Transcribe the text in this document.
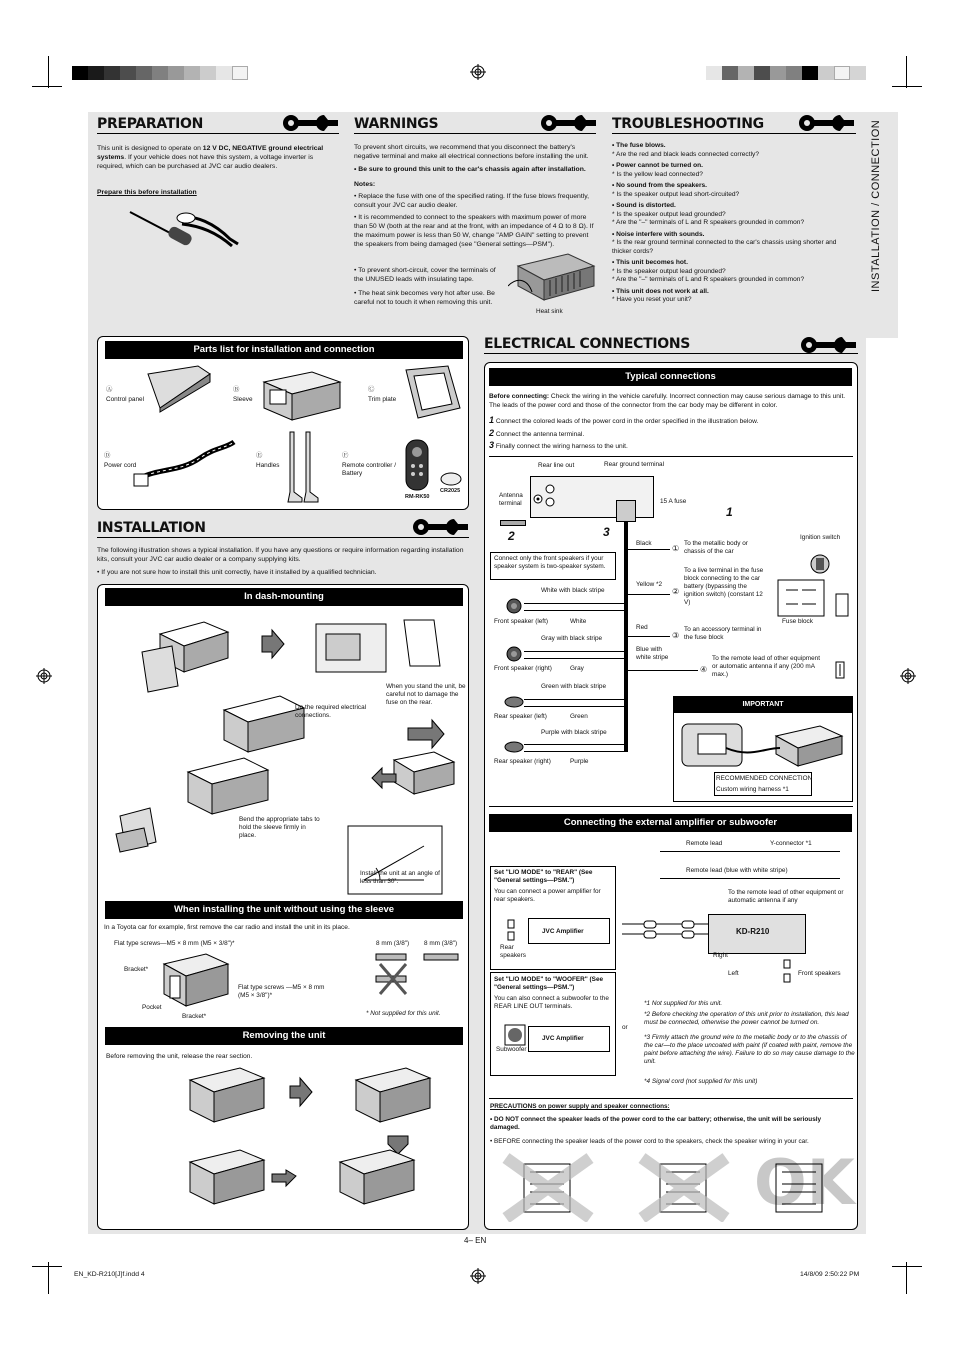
INSTALLATION / CONNECTION
PREPARATION
This unit is designed to operate on 12 V DC, NEGATIVE ground electrical systems. If your vehicle does not have this system, a voltage inverter is required, which can be purchased at JVC car audio dealers.
Prepare this before installation
WARNINGS
To prevent short circuits, we recommend that you disconnect the battery's negative terminal and make all electrical connections before installing the unit.
• Be sure to ground this unit to the car's chassis again after installation.
Notes:
• Replace the fuse with one of the specified rating. If the fuse blows frequently, consult your JVC car audio dealer.
• It is recommended to connect to the speakers with maximum power of more than 50 W (both at the rear and at the front, with an impedance of 4 Ω to 8 Ω). If the maximum power is less than 50 W, change "AMP GAIN" setting to prevent the speakers from being damaged (see "General settings—PSM").
• To prevent short-circuit, cover the terminals of the UNUSED leads with insulating tape.
• The heat sink becomes very hot after use. Be careful not to touch it when removing this unit.
Heat sink
TROUBLESHOOTING
• The fuse blows.
* Are the red and black leads connected correctly?
• Power cannot be turned on.
* Is the yellow lead connected?
• No sound from the speakers.
* Is the speaker output lead short-circuited?
• Sound is distorted.
* Is the speaker output lead grounded?
* Are the "–" terminals of L and R speakers grounded in common?
• Noise interfere with sounds.
* Is the rear ground terminal connected to the car's chassis using shorter and thicker cords?
• This unit becomes hot.
* Is the speaker output lead grounded?
* Are the "–" terminals of L and R speakers grounded in common?
• This unit does not work at all.
* Have you reset your unit?
Parts list for installation and connection
Ⓐ
Control panel
Ⓑ
Sleeve
Ⓒ
Trim plate
Ⓓ
Power cord
Ⓔ
Handles
Ⓕ
Remote controller / Battery
RM-RK50
CR2025
INSTALLATION
The following illustration shows a typical installation. If you have any questions or require information regarding installation kits, consult your JVC car audio dealer or a company supplying kits.
• If you are not sure how to install this unit correctly, have it installed by a qualified technician.
In dash-mounting
Do the required electrical connections.
When you stand the unit, be careful not to damage the fuse on the rear.
Bend the appropriate tabs to hold the sleeve firmly in place.
Install the unit at an angle of less than 30˚.
When installing the unit without using the sleeve
In a Toyota car for example, first remove the car radio and install the unit in its place.
Flat type screws—M5 × 8 mm (M5 × 3/8")*
Bracket*
Flat type screws —M5 × 8 mm (M5 × 3/8")*
Pocket
Bracket*
8 mm (3/8") 8 mm (3/8")
* Not supplied for this unit.
Removing the unit
Before removing the unit, release the rear section.
ELECTRICAL CONNECTIONS
Typical connections
Before connecting: Check the wiring in the vehicle carefully. Incorrect connection may cause serious damage to this unit. The leads of the power cord and those of the connector from the car body may be different in color.
1 Connect the colored leads of the power cord in the order specified in the illustration below.
2 Connect the antenna terminal.
3 Finally connect the wiring harness to the unit.
Rear line out	Rear ground terminal
Antenna terminal	15 A fuse
1
2	3
Connect only the front speakers if your speaker system is two-speaker system.
White with black stripe
White
Front speaker (left)
Gray with black stripe
Gray
Front speaker (right)
Green with black stripe
Green
Rear speaker (left)
Purple with black stripe
Purple
Rear speaker (right)
Black
①
To the metallic body or chassis of the car
Yellow *2
②
To a live terminal in the fuse block connecting to the car battery (bypassing the ignition switch) (constant 12 V)
Red
③
To an accessory terminal in the fuse block
Blue with white stripe
④
To the remote lead of other equipment or automatic antenna if any (200 mA max.)
Ignition switch
Fuse block
IMPORTANT
RECOMMENDED CONNECTION
Custom wiring harness *1
Connecting the external amplifier or subwoofer
Remote lead	Y-connector *1
Remote lead (blue with white stripe)
To the remote lead of other equipment or automatic antenna if any
Set "L/O MODE" to "REAR" (See "General settings—PSM.")
You can connect a power amplifier for rear speakers.
JVC Amplifier
Rear speakers
Set "L/O MODE" to "WOOFER" (See "General settings—PSM.")
You can also connect a subwoofer to the REAR LINE OUT terminals.
JVC Amplifier
Subwoofer
or
KD-R210
Right
Left	Front speakers
*1 Not supplied for this unit.
*2 Before checking the operation of this unit prior to installation, this lead must be connected, otherwise the power cannot be turned on.
*3 Firmly attach the ground wire to the metallic body or to the chassis of the car—to the place uncoated with paint (if coated with paint, remove the paint before attaching the wire). Failure to do so may cause damage to the unit.
*4 Signal cord (not supplied for this unit)
PRECAUTIONS on power supply and speaker connections:
• DO NOT connect the speaker leads of the power cord to the car battery; otherwise, the unit will be seriously damaged.
• BEFORE connecting the speaker leads of the power cord to the speakers, check the speaker wiring in your car.
OK
4– EN
EN_KD-R210[J]f.indd 4	14/8/09 2:50:22 PM
